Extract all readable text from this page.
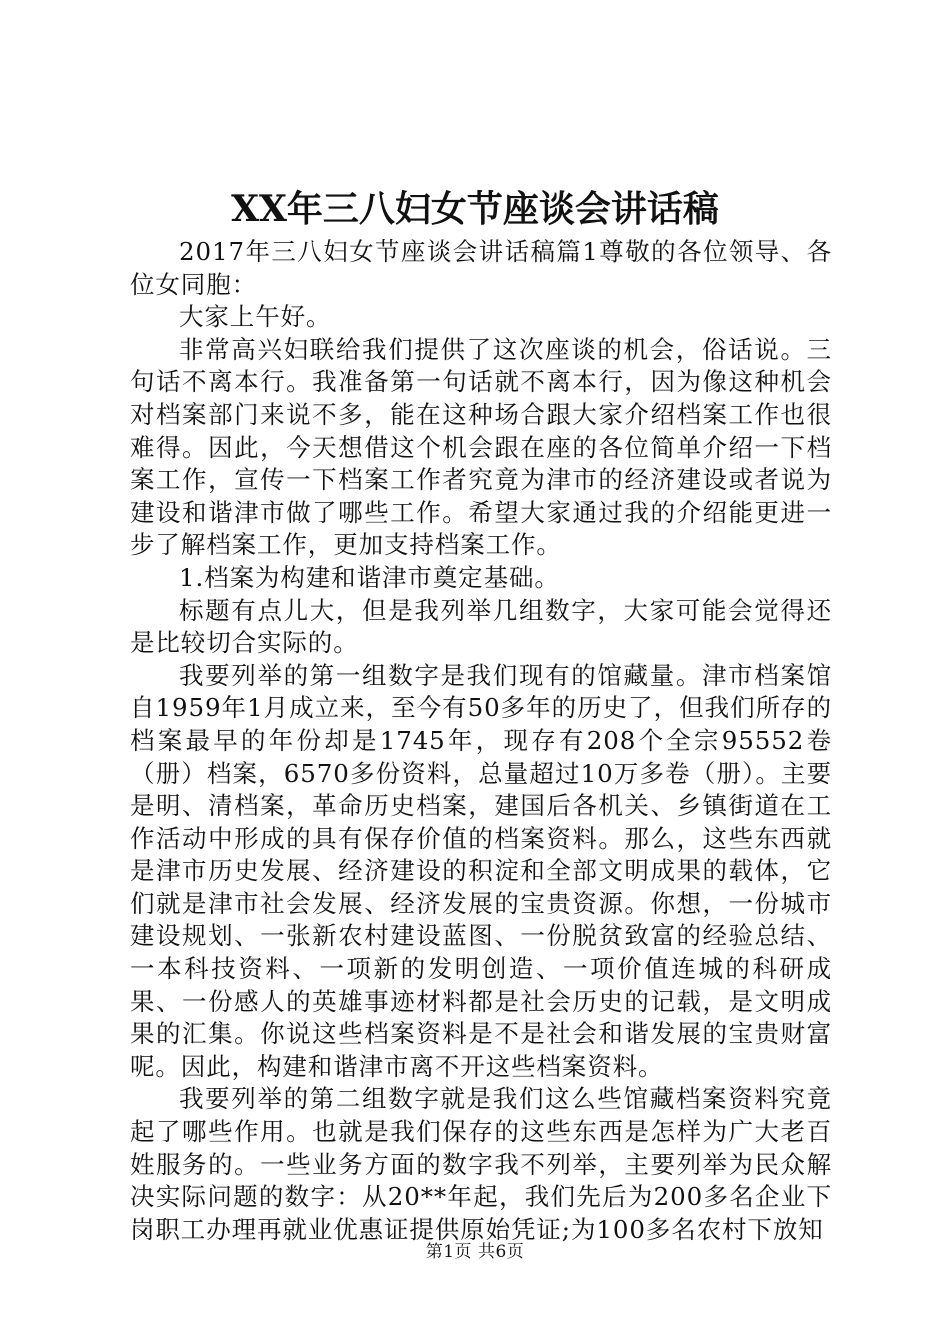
XX年三八妇女节座谈会讲话稿

2017年三八妇女节座谈会讲话稿篇1尊敬的各位领导、各位女同胞：

大家上午好。

非常高兴妇联给我们提供了这次座谈的机会，俗话说。三句话不离本行。我准备第一句话就不离本行，因为像这种机会对档案部门来说不多，能在这种场合跟大家介绍档案工作也很难得。因此，今天想借这个机会跟在座的各位简单介绍一下档案工作，宣传一下档案工作者究竟为津市的经济建设或者说为建设和谐津市做了哪些工作。希望大家通过我的介绍能更进一步了解档案工作，更加支持档案工作。

1.档案为构建和谐津市奠定基础。

标题有点儿大，但是我列举几组数字，大家可能会觉得还是比较切合实际的。

我要列举的第一组数字是我们现有的馆藏量。津市档案馆自1959年1月成立来，至今有50多年的历史了，但我们所存的档案最早的年份却是1745年，现存有208个全宗95552卷（册）档案，6570多份资料，总量超过10万多卷（册）。主要是明、清档案，革命历史档案，建国后各机关、乡镇街道在工作活动中形成的具有保存价值的档案资料。那么，这些东西就是津市历史发展、经济建设的积淀和全部文明成果的载体，它们就是津市社会发展、经济发展的宝贵资源。你想，一份城市建设规划、一张新农村建设蓝图、一份脱贫致富的经验总结、一本科技资料、一项新的发明创造、一项价值连城的科研成果、一份感人的英雄事迹材料都是社会历史的记载，是文明成果的汇集。你说这些档案资料是不是社会和谐发展的宝贵财富呢。因此，构建和谐津市离不开这些档案资料。

我要列举的第二组数字就是我们这么些馆藏档案资料究竟起了哪些作用。也就是我们保存的这些东西是怎样为广大老百姓服务的。一些业务方面的数字我不列举，主要列举为民众解决实际问题的数字：从20**年起，我们先后为200多名企业下岗职工办理再就业优惠证提供原始凭证;为100多名农村下放知

第1页 共6页
